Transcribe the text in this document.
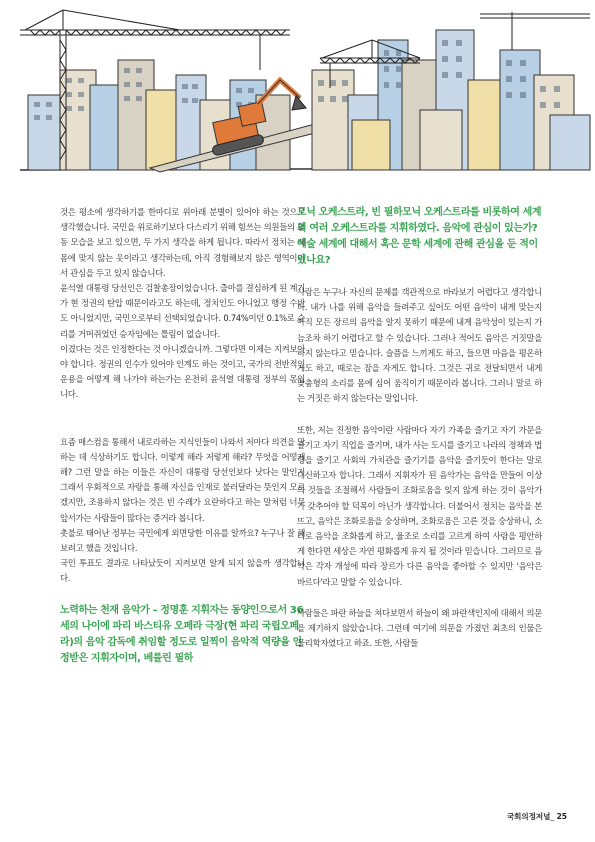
것은 평소에 생각하기를 한마디로 위아래 분별이 있어야 하는 것으로 생각했습니다. 국민을 위로하기보다 다스리기 위해 힘쓰는 의원들의 활동 모습을 보고 있으면, 두 가지 생각을 하게 됩니다. 따라서 정치는 제 몸에 맞지 않는 옷이라고 생각하는데, 아직 경험해보지 않은 영역이라서 관심을 두고 있지 않습니다.

윤석열 대통령 당선인은 검찰총장이었습니다. 출마를 결심하게 된 계기가 현 정권의 탄압 때문이라고도 하는데, 정치인도 아니었고 행정 수반도 아니었지만, 국민으로부터 선택되었습니다. 0.74%이던 0.1%로 승리를 거머쥐었던 승자임에는 틀림이 없습니다.

이겼다는 것은 인정한다는 것 아니겠습니까. 그렇다면 이제는 지켜보아야 합니다. 정권의 인수가 있어야 인계도 하는 것이고, 국가의 전반적인 운용을 어떻게 해 나가야 하는가는 온전히 윤석열 대통령 정부의 몫입니다.

요즘 매스컴을 통해서 내로라하는 지식인들이 나와서 저마다 의견을 말하는 데 식상하기도 합니다. 이렇게 해라 저렇게 해라? 무엇을 어떻게 해? 그런 말을 하는 이들은 자신이 대통령 당선인보다 낫다는 말인지 그래서 우회적으로 자랑을 통해 자신을 인재로 불러달라는 뜻인지 모르겠지만, 조용하지 않다는 것은 빈 수레가 요란하다고 하는 말처럼 너무 앞서가는 사람들이 많다는 증거라 봅니다.

촛불로 태어난 정부는 국민에게 외면당한 이유를 알까요? 누구나 잘 해보려고 했을 것입니다.

국민 투표도 결과로 나타났듯이 지켜보면 알게 되지 않을까 생각합니다.

노력하는 천재 음악가 – 정명훈 지휘자는 동양인으로서 36세의 나이에 파리 바스티유 오페라 극장(현 파리 국립오페라)의 음악 감독에 취임할 정도로 일찍이 음악적 역량을 인정받은 지휘자이며, 베를린 필하

모닉 오케스트라, 빈 필하모닉 오케스트라를 비롯하여 세계의 여러 오케스트라를 지휘하였다. 음악에 관심이 있는가? 예술 세계에 대해서 혹은 문학 세계에 관해 관심을 둔 적이 있나요?

사람은 누구나 자신의 문제를 객관적으로 바라보기 어렵다고 생각합니다. 내가 나를 위해 음악을 들려주고 싶어도 어떤 음악이 내게 맞는지 아직 모든 장르의 음악을 알지 못하기 때문에 내게 음악성이 있는지 가늠조차 하기 어렵다고 할 수 있습니다. 그러나 적어도 음악은 거짓말을 하지 않는다고 믿습니다. 슬픔을 느끼게도 하고, 들으면 마음을 평온하게도 하고, 때로는 잠을 자게도 합니다. 그것은 귀로 전달되면서 내게 맞춤형의 소리를 몸에 심어 움직이기 때문이라 봅니다. 그러니 말로 하는 거짓은 하지 않는다는 말입니다.

또한, 저는 진정한 음악이란 사람마다 자기 가족을 즐기고 자기 가문을 즐기고 자기 직업을 즐기며, 내가 사는 도시를 즐기고 나라의 정책과 법령을 즐기고 사회의 가치관을 즐기기를 음악을 즐기듯이 한다는 말로 대신하고자 합니다. 그래서 지휘자가 된 음악가는 음악을 만들어 이상의 것들을 조절해서 사람들이 조화로움을 잊지 않게 하는 것이 음악가가 갖추어야 할 덕목이 아닌가 생각합니다. 더불어서 정치는 음악을 본뜨고, 음악은 조화로움을 숭상하며, 조화로움은 고른 것을 숭상하니, 소리로 음악을 조화롭게 하고, 율조로 소리를 고르게 하여 사람을 평안하게 한다면 세상은 자연 평화롭게 유지 될 것이라 믿습니다. 그러므로 음악은 각자 개성에 따라 장르가 다른 음악을 좋아할 수 있지만 '음악은 바르다'라고 말할 수 있습니다.

사람들은 파란 하늘을 쳐다보면서 하늘이 왜 파란색인지에 대해서 의문을 제기하지 않았습니다. 그런데 여기에 의문을 가졌던 최초의 인물은 물리학자였다고 하죠. 또한, 사람들

국회의정저널_ 25
